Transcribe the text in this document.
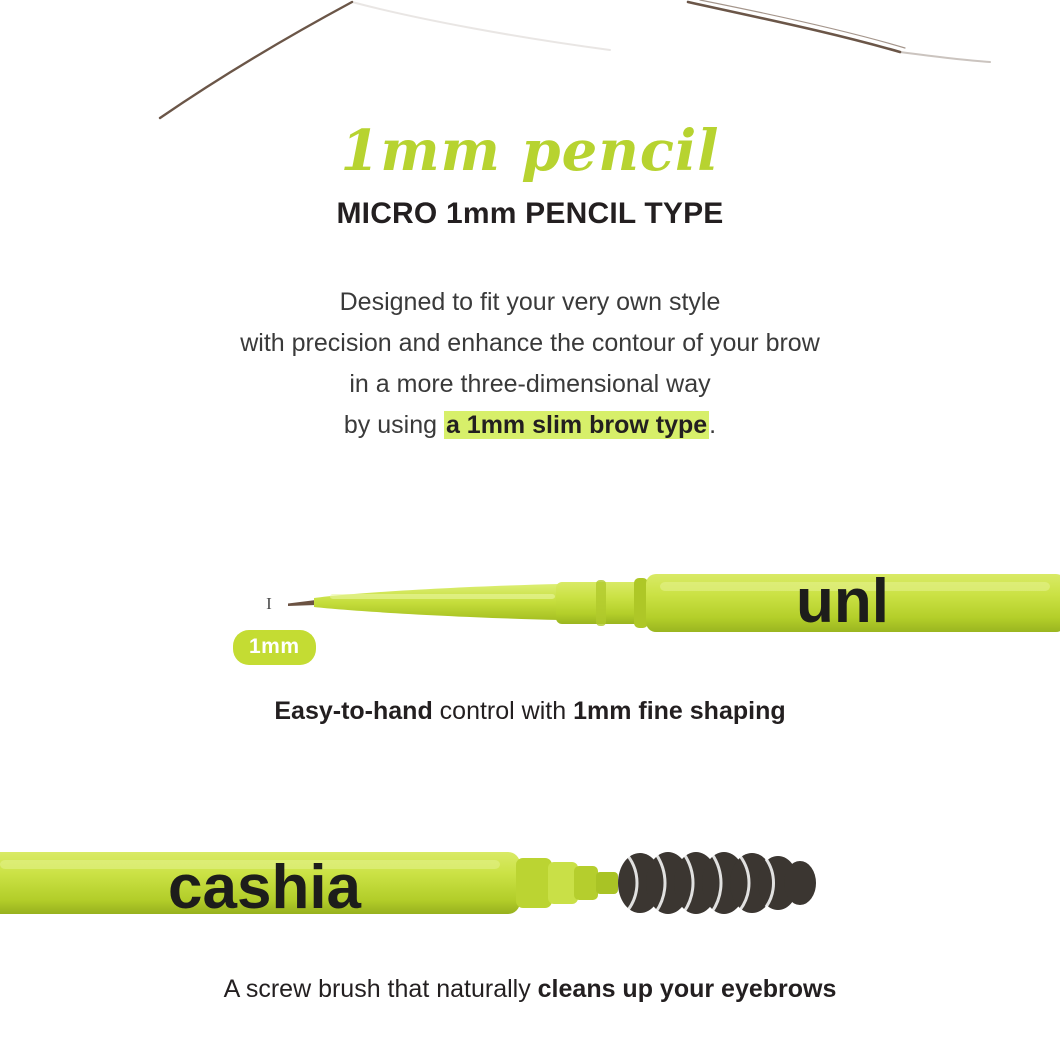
1mm pencil
MICRO 1mm PENCIL TYPE
Designed to fit your very own style
with precision and enhance the contour of your brow
in a more three-dimensional way
by using a 1mm slim brow type.
unl
I
1mm
Easy-to-hand control with 1mm fine shaping
cashia
A screw brush that naturally cleans up your eyebrows
